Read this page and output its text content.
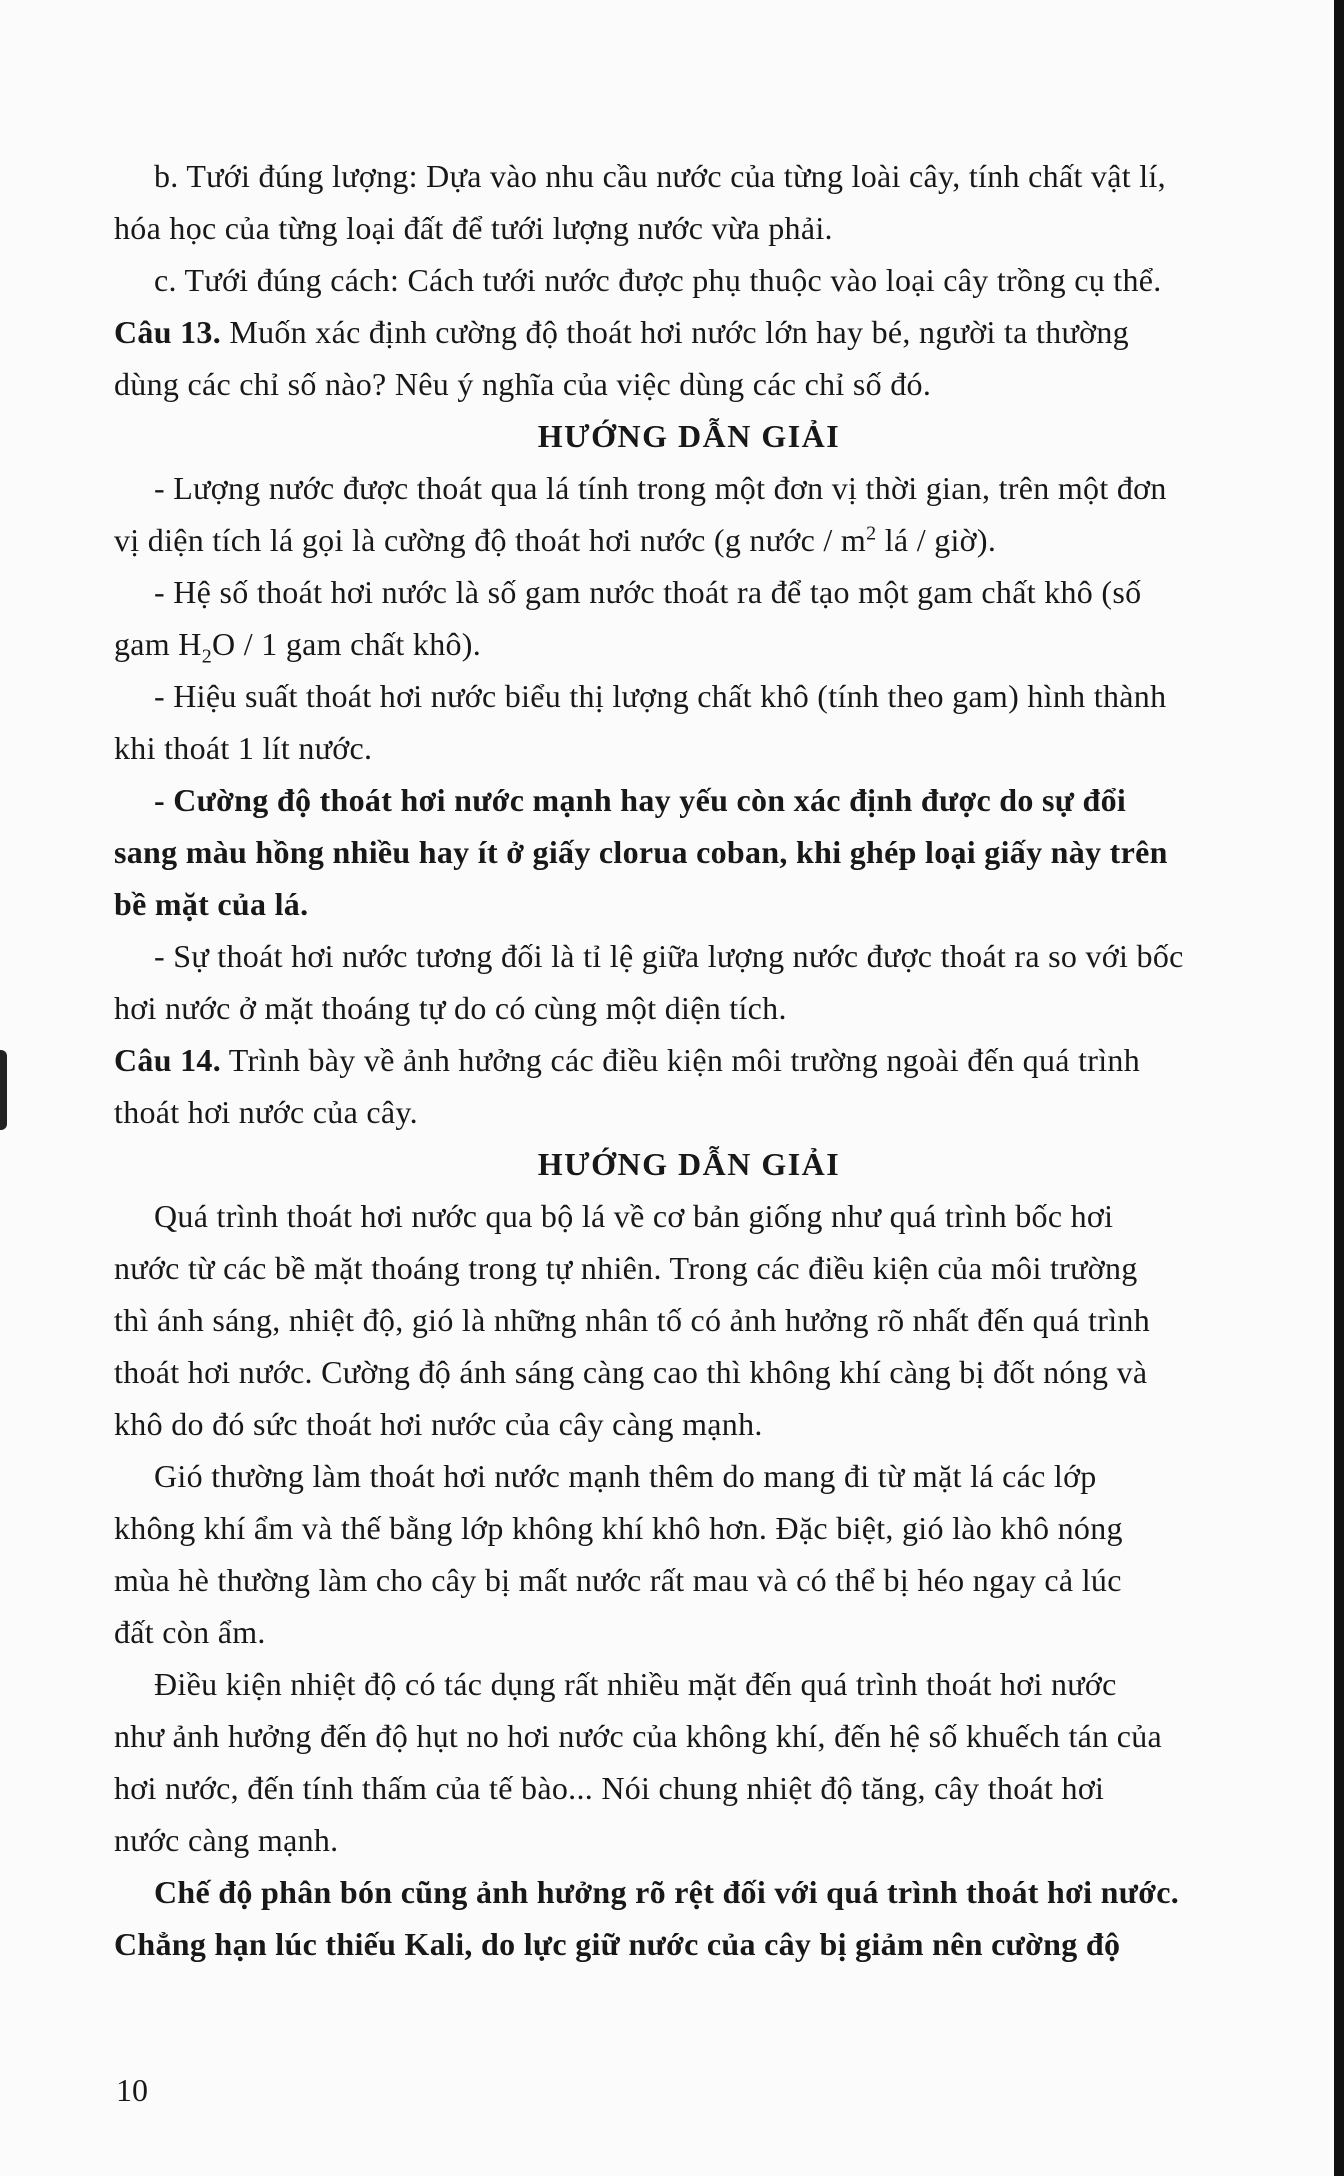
b. Tưới đúng lượng: Dựa vào nhu cầu nước của từng loài cây, tính chất vật lí,
hóa học của từng loại đất để tưới lượng nước vừa phải.
c. Tưới đúng cách: Cách tưới nước được phụ thuộc vào loại cây trồng cụ thể.
Câu 13. Muốn xác định cường độ thoát hơi nước lớn hay bé, người ta thường
dùng các chỉ số nào? Nêu ý nghĩa của việc dùng các chỉ số đó.
HƯỚNG DẪN GIẢI
- Lượng nước được thoát qua lá tính trong một đơn vị thời gian, trên một đơn
vị diện tích lá gọi là cường độ thoát hơi nước (g nước / $m^2$ lá / giờ).
- Hệ số thoát hơi nước là số gam nước thoát ra để tạo một gam chất khô (số
gam $H_2O / 1$ gam chất khô).
- Hiệu suất thoát hơi nước biểu thị lượng chất khô (tính theo gam) hình thành
khi thoát 1 lít nước.
- Cường độ thoát hơi nước mạnh hay yếu còn xác định được do sự đổi
sang màu hồng nhiều hay ít ở giấy clorua coban, khi ghép loại giấy này trên
bề mặt của lá.
- Sự thoát hơi nước tương đối là tỉ lệ giữa lượng nước được thoát ra so với bốc
hơi nước ở mặt thoáng tự do có cùng một diện tích.
Câu 14. Trình bày về ảnh hưởng các điều kiện môi trường ngoài đến quá trình
thoát hơi nước của cây.
HƯỚNG DẪN GIẢI
Quá trình thoát hơi nước qua bộ lá về cơ bản giống như quá trình bốc hơi
nước từ các bề mặt thoáng trong tự nhiên. Trong các điều kiện của môi trường
thì ánh sáng, nhiệt độ, gió là những nhân tố có ảnh hưởng rõ nhất đến quá trình
thoát hơi nước. Cường độ ánh sáng càng cao thì không khí càng bị đốt nóng và
khô do đó sức thoát hơi nước của cây càng mạnh.
Gió thường làm thoát hơi nước mạnh thêm do mang đi từ mặt lá các lớp
không khí ẩm và thế bằng lớp không khí khô hơn. Đặc biệt, gió lào khô nóng
mùa hè thường làm cho cây bị mất nước rất mau và có thể bị héo ngay cả lúc
đất còn ẩm.
Điều kiện nhiệt độ có tác dụng rất nhiều mặt đến quá trình thoát hơi nước
như ảnh hưởng đến độ hụt no hơi nước của không khí, đến hệ số khuếch tán của
hơi nước, đến tính thấm của tế bào... Nói chung nhiệt độ tăng, cây thoát hơi
nước càng mạnh.
Chế độ phân bón cũng ảnh hưởng rõ rệt đối với quá trình thoát hơi nước.
Chẳng hạn lúc thiếu Kali, do lực giữ nước của cây bị giảm nên cường độ
10
